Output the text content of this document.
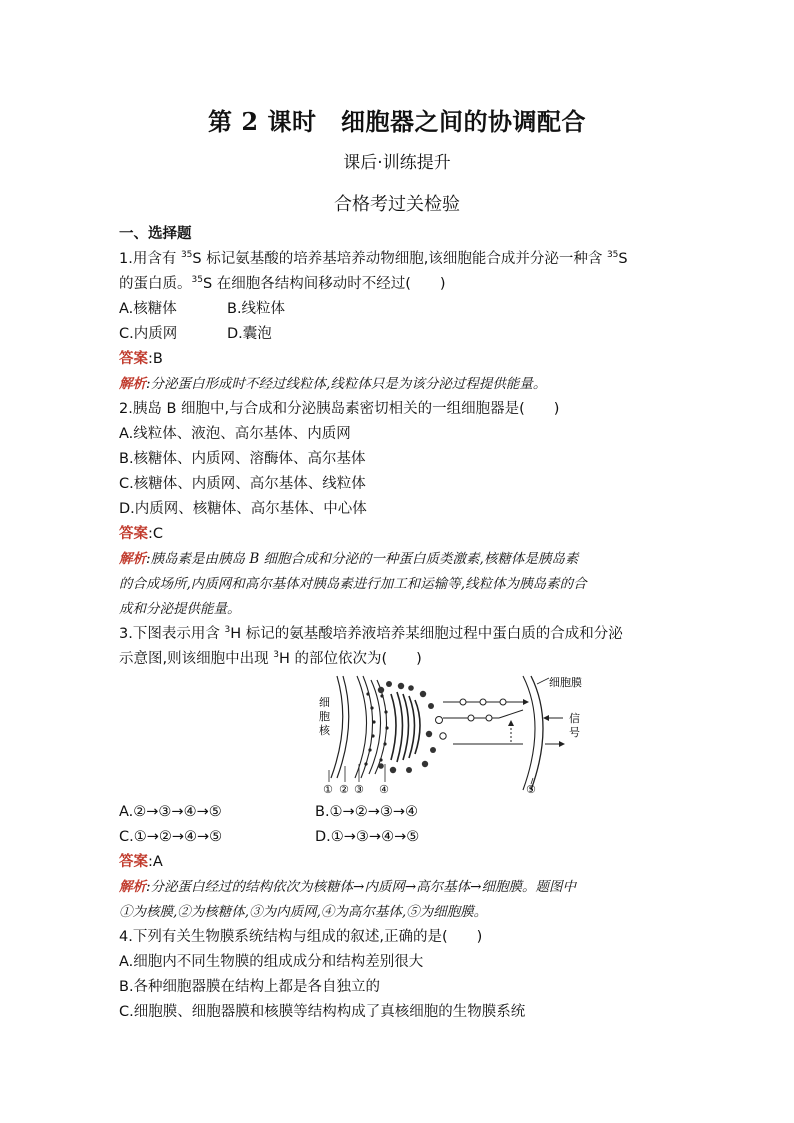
第 2 课时　细胞器之间的协调配合
课后·训练提升
合格考过关检验
一、选择题
1.用含有 $^{35}$S 标记氨基酸的培养基培养动物细胞,该细胞能合成并分泌一种含 $^{35}$S
的蛋白质。$^{35}$S 在细胞各结构间移动时不经过(　　)
A.核糖体	B.线粒体
C.内质网	D.囊泡
答案:B
解析:分泌蛋白形成时不经过线粒体,线粒体只是为该分泌过程提供能量。
2.胰岛 B 细胞中,与合成和分泌胰岛素密切相关的一组细胞器是(　　)
A.线粒体、液泡、高尔基体、内质网
B.核糖体、内质网、溶酶体、高尔基体
C.核糖体、内质网、高尔基体、线粒体
D.内质网、核糖体、高尔基体、中心体
答案:C
解析:胰岛素是由胰岛 B 细胞合成和分泌的一种蛋白质类激素,核糖体是胰岛素
的合成场所,内质网和高尔基体对胰岛素进行加工和运输等,线粒体为胰岛素的合
成和分泌提供能量。
3.下图表示用含 $^3$H 标记的氨基酸培养液培养某细胞过程中蛋白质的合成和分泌
示意图,则该细胞中出现 $^3$H 的部位依次为(　　)
细
胞
核
细胞膜
信
号
① ② ③ ④	⑤
A.②→③→④→⑤	B.①→②→③→④
C.①→②→④→⑤	D.①→③→④→⑤
答案:A
解析:分泌蛋白经过的结构依次为核糖体→内质网→高尔基体→细胞膜。题图中
①为核膜,②为核糖体,③为内质网,④为高尔基体,⑤为细胞膜。
4.下列有关生物膜系统结构与组成的叙述,正确的是(　　)
A.细胞内不同生物膜的组成成分和结构差别很大
B.各种细胞器膜在结构上都是各自独立的
C.细胞膜、细胞器膜和核膜等结构构成了真核细胞的生物膜系统
